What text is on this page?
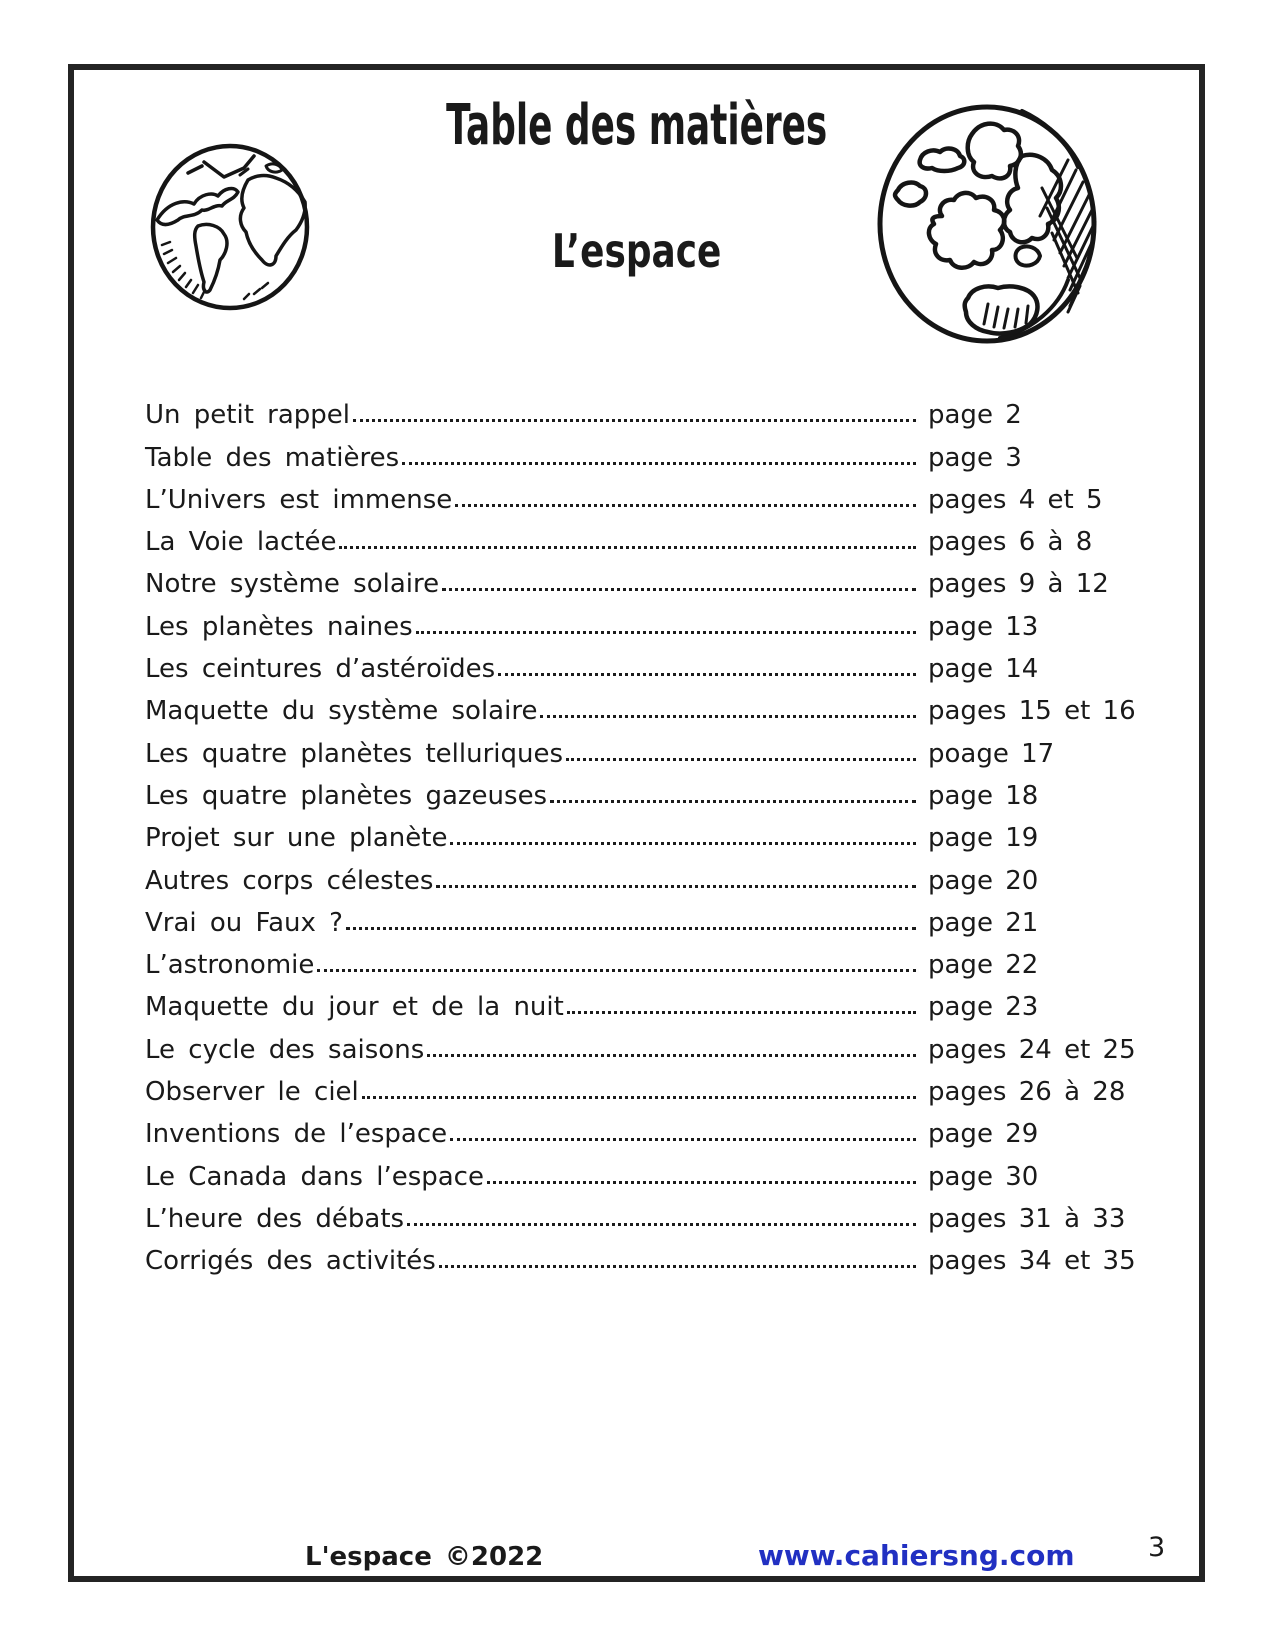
Table des matières
L’espace
Un petit rappel	page 2
Table des matières	page 3
L’Univers est immense	pages 4 et 5
La Voie lactée	pages 6 à 8
Notre système solaire	pages 9 à 12
Les planètes naines	page 13
Les ceintures d’astéroïdes	page 14
Maquette du système solaire	pages 15 et 16
Les quatre planètes telluriques	poage 17
Les quatre planètes gazeuses	page 18
Projet sur une planète	page 19
Autres corps célestes	page 20
Vrai ou Faux ?	page 21
L’astronomie	page 22
Maquette du jour et de la nuit	page 23
Le cycle des saisons	pages 24 et 25
Observer le ciel	pages 26 à 28
Inventions de l’espace	page 29
Le Canada dans l’espace	page 30
L’heure des débats	pages 31 à 33
Corrigés des activités	pages 34 et 35
L'espace ©2022	www.cahiersng.com	3
